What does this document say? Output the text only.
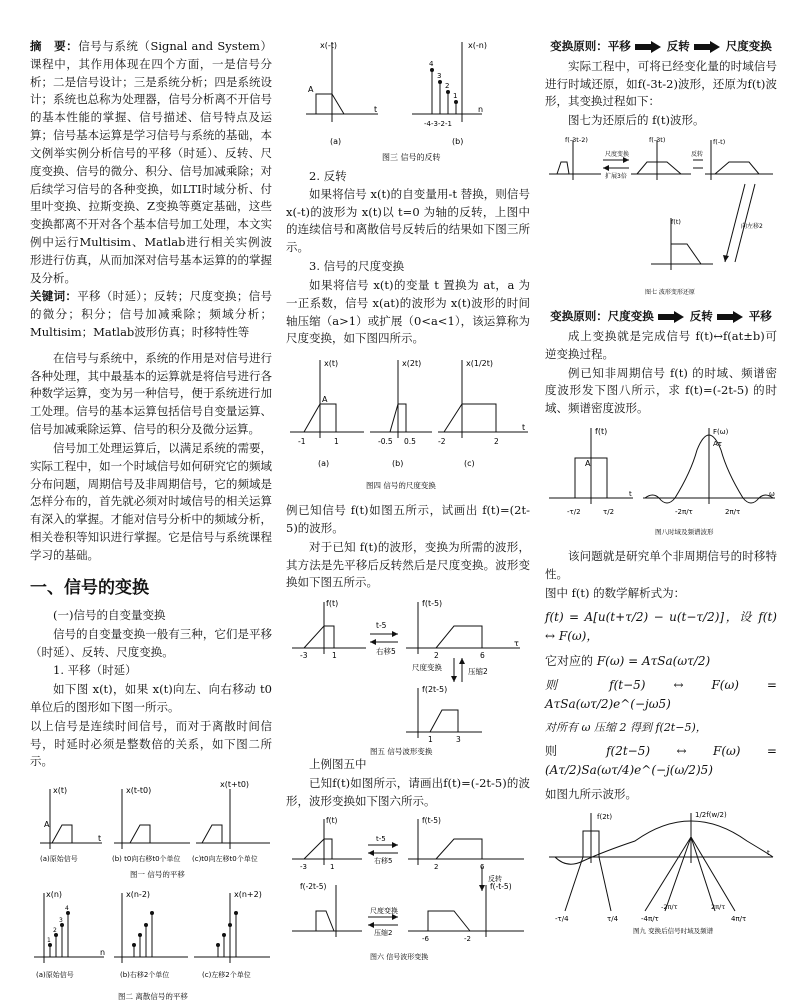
摘　要：信号与系统（Signal and System）课程中，其作用体现在四个方面，一是信号分析；二是信号设计；三是系统分析；四是系统设计；系统也总称为处理器，信号分析离不开信号的基本性能的掌握、信号描述、信号特点及运算；信号基本运算是学习信号与系统的基础，本文例举实例分析信号的平移（时延）、反转、尺度变换、信号的微分、积分、信号加减乘除；对后续学习信号的各种变换，如LTI时域分析、付里叶变换、拉斯变换、Z变换等奠定基础，这些变换都离不开对各个基本信号加工处理，本文实例中运行Multisim、Matlab进行相关实例波形进行仿真，从而加深对信号基本运算的的掌握及分析。

关键词：平移（时延）；反转；尺度变换；信号的微分；积分；信号加减乘除；频域分析；Multisim；Matlab波形仿真；时移特性等

在信号与系统中，系统的作用是对信号进行各种处理，其中最基本的运算就是将信号进行各种数学运算，变为另一种信号，便于系统进行加工处理。信号的基本运算包括信号自变量运算、信号加减乘除运算、信号的积分及微分运算。

信号加工处理运算后，以满足系统的需要，实际工程中，如一个时域信号如何研究它的频域分布问题，周期信号及非周期信号，它的频域是怎样分布的，首先就必须对时域信号的相关运算有深入的掌握。才能对信号分析中的频域分析，相关卷积等知识进行掌握。它是信号与系统课程学习的基础。

一、信号的变换

(一)信号的自变量变换

信号的自变量变换一般有三种，它们是平移（时延）、反转、尺度变换。

1. 平移（时延）

如下图 x(t)，如果 x(t)向左、向右移动 t0 单位后的图形如下图一所示。

以上信号是连续时间信号，而对于离散时间信号，时延时必须是整数倍的关系，如下图二所示。

x(t)	x(t-t0)
x(t+t0)
A
t
(a)原始信号	(b) t0向右移t0个单位 (c)t0向左移t0个单位
图一 信号的平移
x(n)	x(n-2)	x(n+2)
n
1
2
3
4
(a)原始信号	(b)右移2个单位	(c)左移2个单位
图二 离散信号的平移
x(-t)	x(-n)
t	n
A
4
3
2
1
-4-3-2-1
(a)	(b)
图三 信号的反转

2. 反转

如果将信号 x(t)的自变量用-t 替换，则信号 x(-t)的波形为 x(t)以 t=0 为轴的反转，上图中的连续信号和离散信号反转后的结果如下图三所示。

3. 信号的尺度变换

如果将信号 x(t)的变量 t 置换为 at，a 为一正系数，信号 x(at)的波形为 x(t)波形的时间轴压缩（a>1）或扩展（0<a<1），该运算称为尺度变换，如下图四所示。

x(t)	x(2t)	x(1/2t)
A
-1	1	-0.5 0.5	-2	2
t
(a)	(b)	(c)
图四 信号的尺度变换

例已知信号 f(t)如图五所示，试画出 f(t)=(2t-5)的波形。

对于已知 f(t)的波形，变换为所需的波形，其方法是先平移后反转然后是尺度变换。波形变换如下图五所示。

f(t)	f(t-5)
f(2t-5)
t-5
右移5
尺度变换	压缩2
-3	1	2	6
1	3
τ
图五 信号波形变换

上例图五中

已知f(t)如图所示，请画出f(t)=(-2t-5)的波形，波形变换如下图六所示。

f(t)	f(t-5)
f(-2t-5)	f(-t-5)
t-5
右移5
反转
尺度变换
压缩2
-3	1	2	6
-6	-2
图六 信号波形变换
变换原则：平移	反转	尺度变换

实际工程中，可将已经变化量的时域信号进行时域还原，如f(-3t-2)波形，还原为f(t)波形，其变换过程如下：

图七为还原后的 f(t)波形。

f(-3t-2)	f(-3t)
f(t)
f(-t)
尺度变换
扩展3倍
反转
向左移2
图七 波形变形还原
变换原则：尺度变换	反转	平移

成上变换就是完成信号 f(t)↔f(at±b)可逆变换过程。

例已知非周期信号 f(t) 的时域、频谱密度波形发下图八所示，求 f(t)=(-2t-5) 的时域、频谱密度波形。

f(t)
A
-τ/2	τ/2
t
F(ω)
Aτ
-2π/τ	2π/τ
ω
图八时域及频谱波形

该问题就是研究单个非周期信号的时移特性。

图中 f(t) 的数学解析式为：

f(t) = A[u(t+τ/2) − u(t−τ/2)]，设 f(t) ↔ F(ω)，

它对应的 F(ω) = AτSa(ωτ/2)

则 f(t−5) ↔ F(ω) = AτSa(ωτ/2)e^(−jω5)

对所有 ω 压缩 2 得到 f(2t−5)，

则 f(2t−5) ↔ F(ω) = (Aτ/2)Sa(ωτ/4)e^(−j(ω/2)5)

如图九所示波形。

f(2t)	1/2f(w/2)
-τ/4	τ/4	-4π/τ	4π/τ
-2π/τ	2π/τ
t
图九 变换后信号时域及频谱
